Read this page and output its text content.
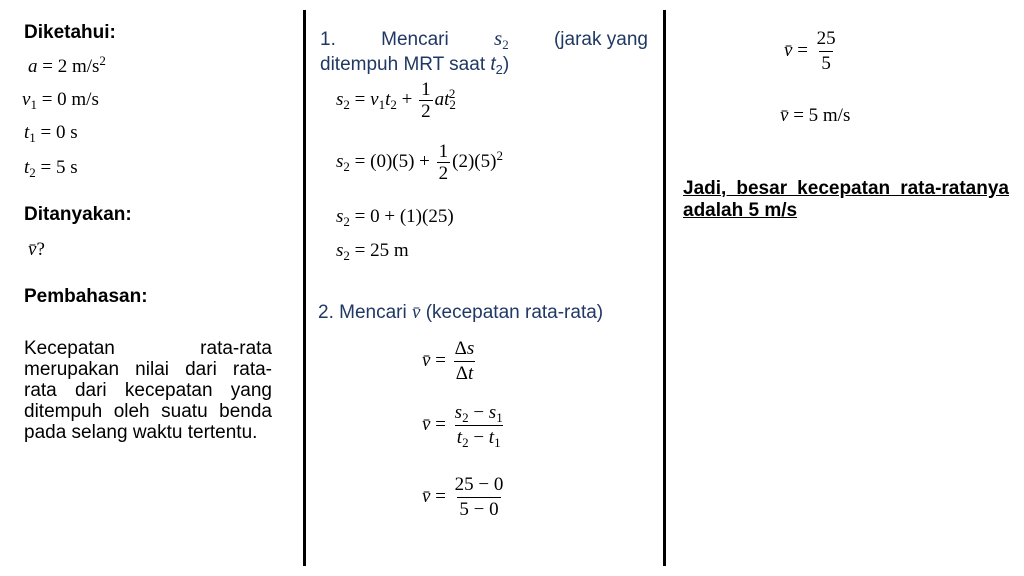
Diketahui:
a = 2 $m/s^2$
$v_1 = 0$ m/s
$t_1 = 0$ s
$t_2 = 5$ s
Ditanyakan:
v̄?
Pembahasan:
Kecepatan rata-rata merupakan nilai dari rata-rata dari kecepatan yang ditempuh oleh suatu benda pada selang waktu tertentu.
1. Mencari $s_2$ (jarak yang
ditempuh MRT saat $t_2$)
$s_2 = v_1t_2 + \frac{1}{2} at_2^2$
$s_2 = (0)(5) + \frac{1}{2} (2)(5)^2$
$s_2 = 0 + (1)(25)$
$s_2 = 25$ m
2. Mencari v̄ (kecepatan rata-rata)
v̄ = $\frac{\Delta s}{\Delta t}$
v̄ = $\frac{s_2 - s_1}{t_2 - t_1}$
v̄ = $\frac{25 - 0}{5 - 0}$
v̄ = $\frac{25}{5}$
v̄ = 5 m/s
Jadi, besar kecepatan rata-ratanya adalah 5 m/s
